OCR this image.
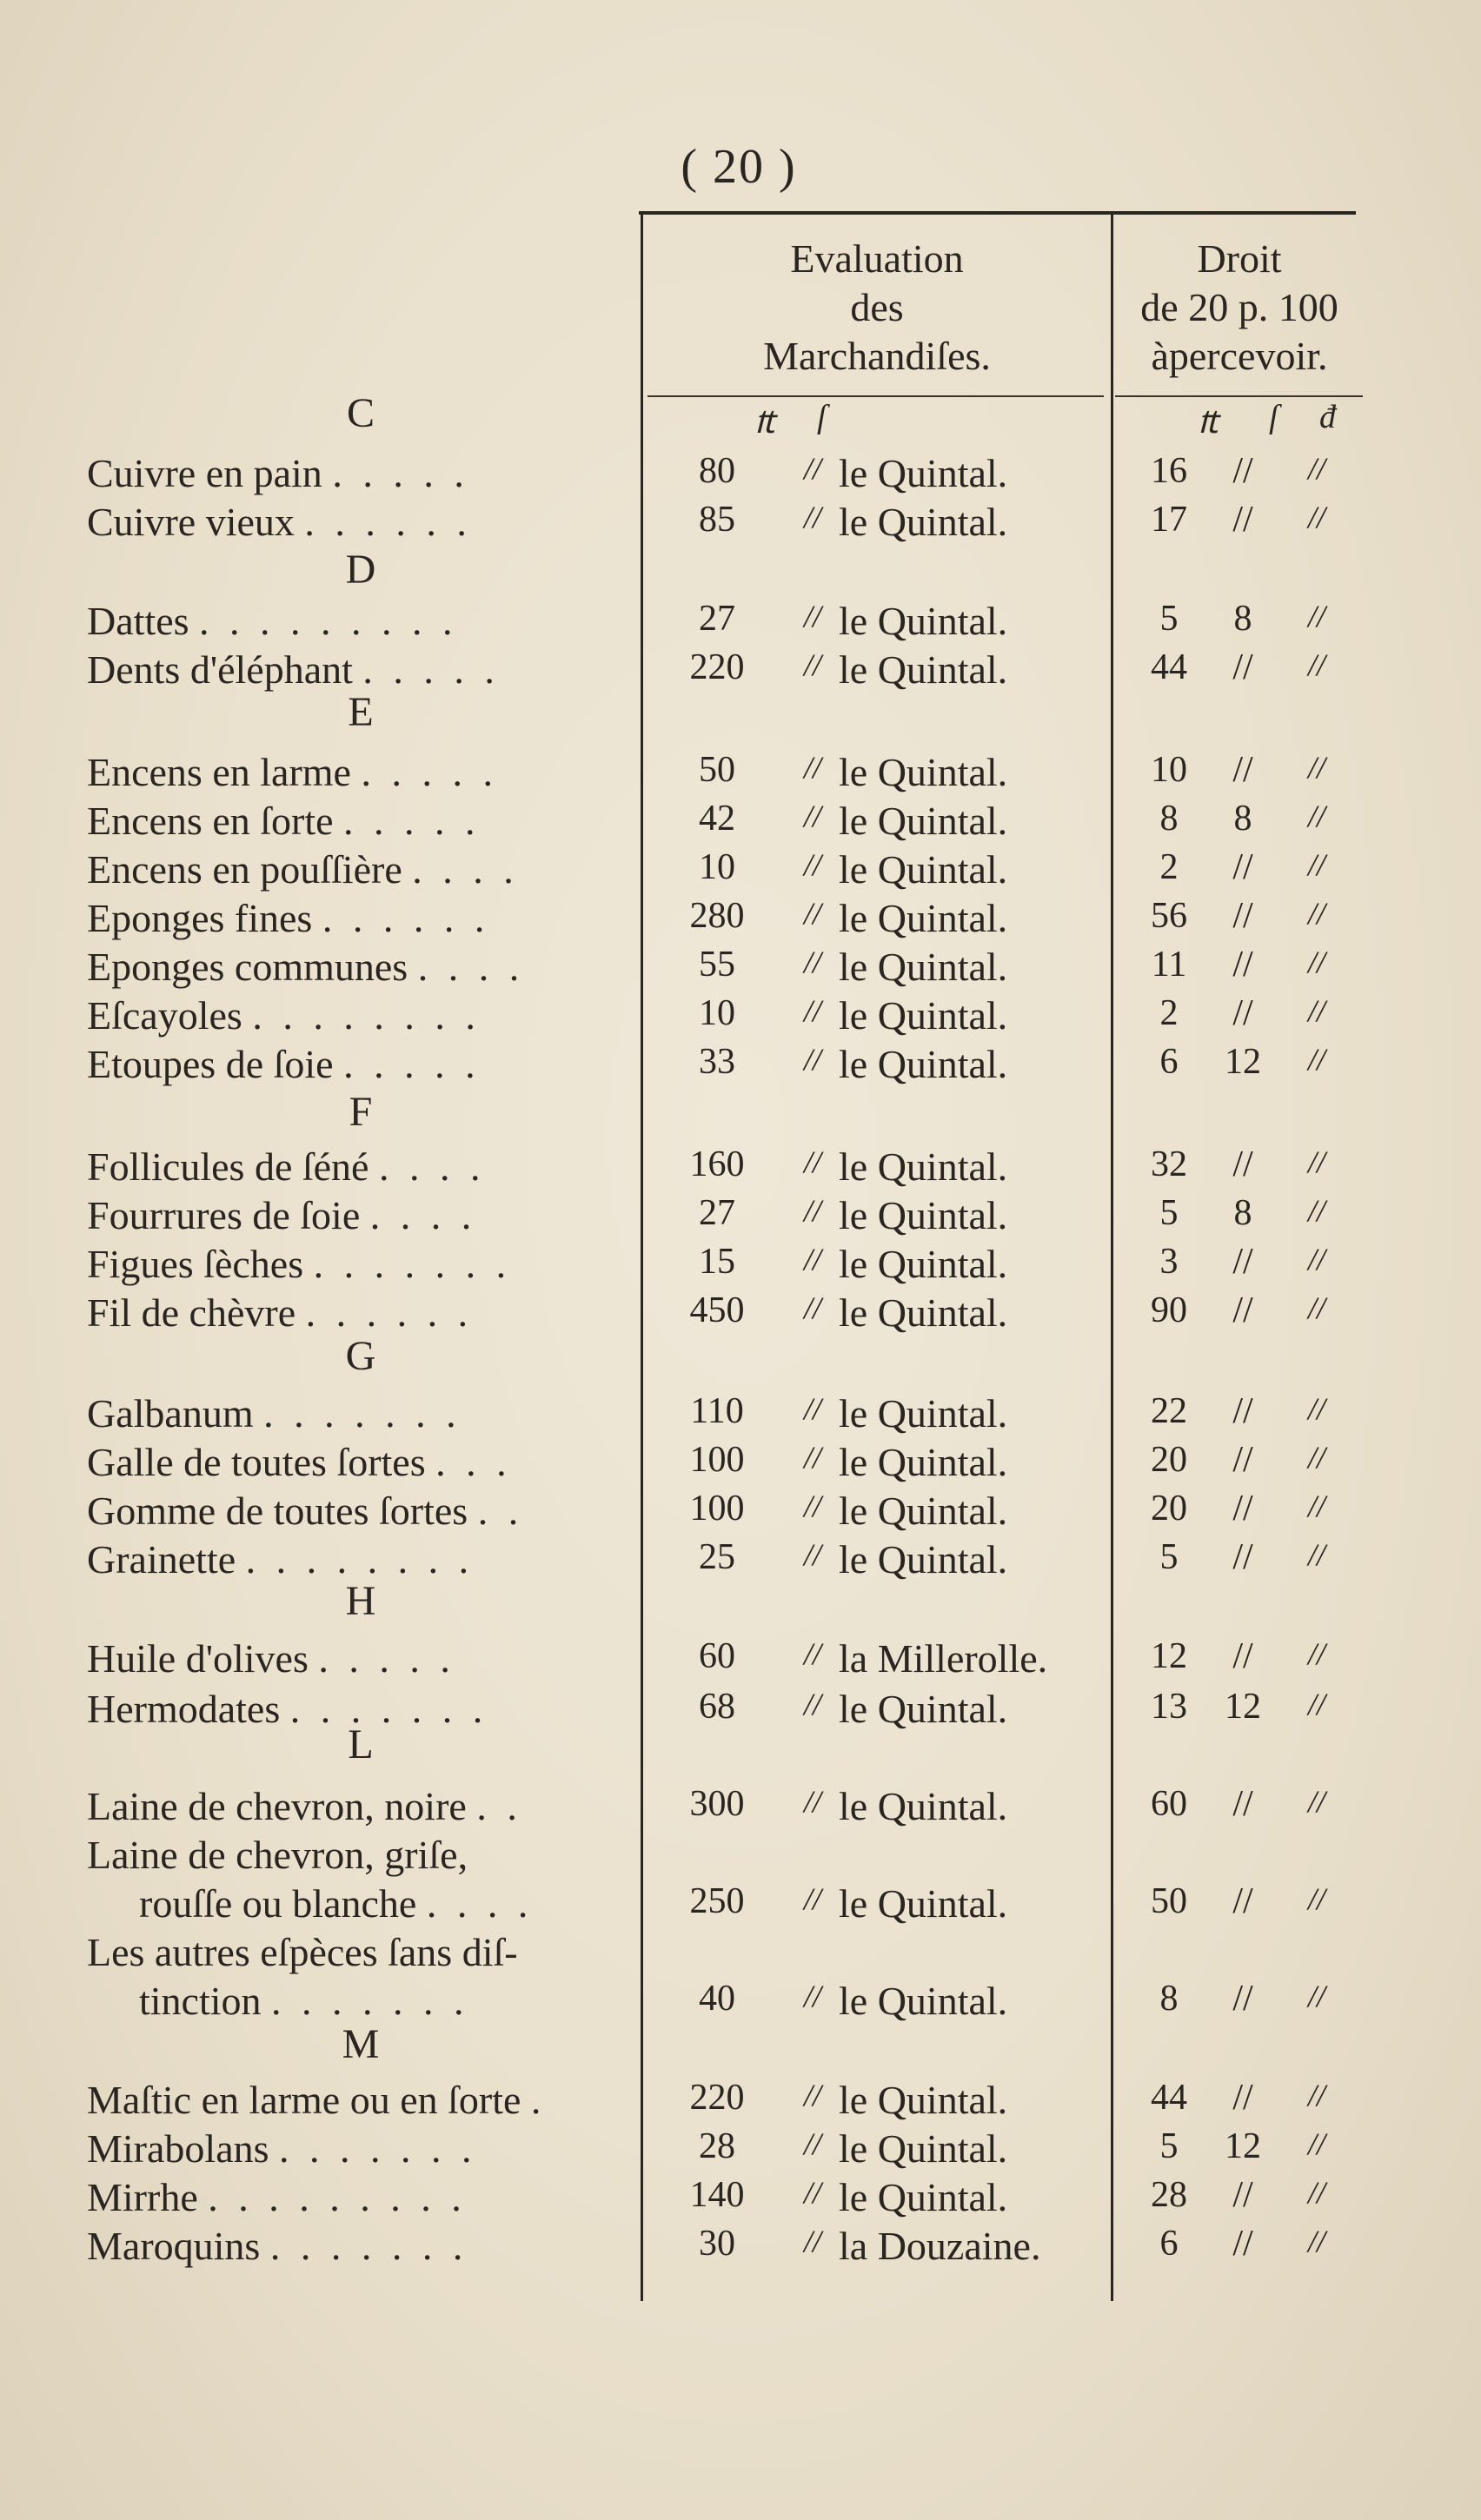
( 20 )
Evaluation
des
Marchandiſes.
Droit
de 20 p. 100
àpercevoir.
₶ ſ	₶ ſ đ
C
D
E
F
G
H
L
M
Cuivre en pain . . . . .	80	// le Quintal.	16	//	//
Cuivre vieux . . . . . .	85	// le Quintal.	17	//	//
Dattes . . . . . . . . .	27	// le Quintal.	5	8	//
Dents d'éléphant . . . . .	220	// le Quintal.	44	//	//
Encens en larme . . . . .	50	// le Quintal.	10	//	//
Encens en ſorte . . . . .	42	// le Quintal.	8	8	//
Encens en pouſſière . . . .	10	// le Quintal.	2	//	//
Eponges fines . . . . . .	280	// le Quintal.	56	//	//
Eponges communes . . . .	55	// le Quintal.	11	//	//
Eſcayoles . . . . . . . .	10	// le Quintal.	2	//	//
Etoupes de ſoie . . . . .	33	// le Quintal.	6	12	//
Follicules de ſéné . . . .	160	// le Quintal.	32	//	//
Fourrures de ſoie . . . .	27	// le Quintal.	5	8	//
Figues ſèches . . . . . . .	15	// le Quintal.	3	//	//
Fil de chèvre . . . . . .	450	// le Quintal.	90	//	//
Galbanum . . . . . . .	110	// le Quintal.	22	//	//
Galle de toutes ſortes . . .	100	// le Quintal.	20	//	//
Gomme de toutes ſortes . .	100	// le Quintal.	20	//	//
Grainette . . . . . . . .	25	// le Quintal.	5	//	//
Huile d'olives . . . . .	60	// la Millerolle.	12	//	//
Hermodates . . . . . . .	68	// le Quintal.	13	12	//
Laine de chevron, noire . .	300	// le Quintal.	60	//	//
Laine de chevron, griſe,
rouſſe ou blanche . . . .	250	// le Quintal.	50	//	//
Les autres eſpèces ſans diſ-
tinction . . . . . . .	40	// le Quintal.	8	//	//
Maſtic en larme ou en ſorte .	220	// le Quintal.	44	//	//
Mirabolans . . . . . . .	28	// le Quintal.	5	12	//
Mirrhe . . . . . . . . .	140	// le Quintal.	28	//	//
Maroquins . . . . . . .	30	// la Douzaine.	6	//	//
